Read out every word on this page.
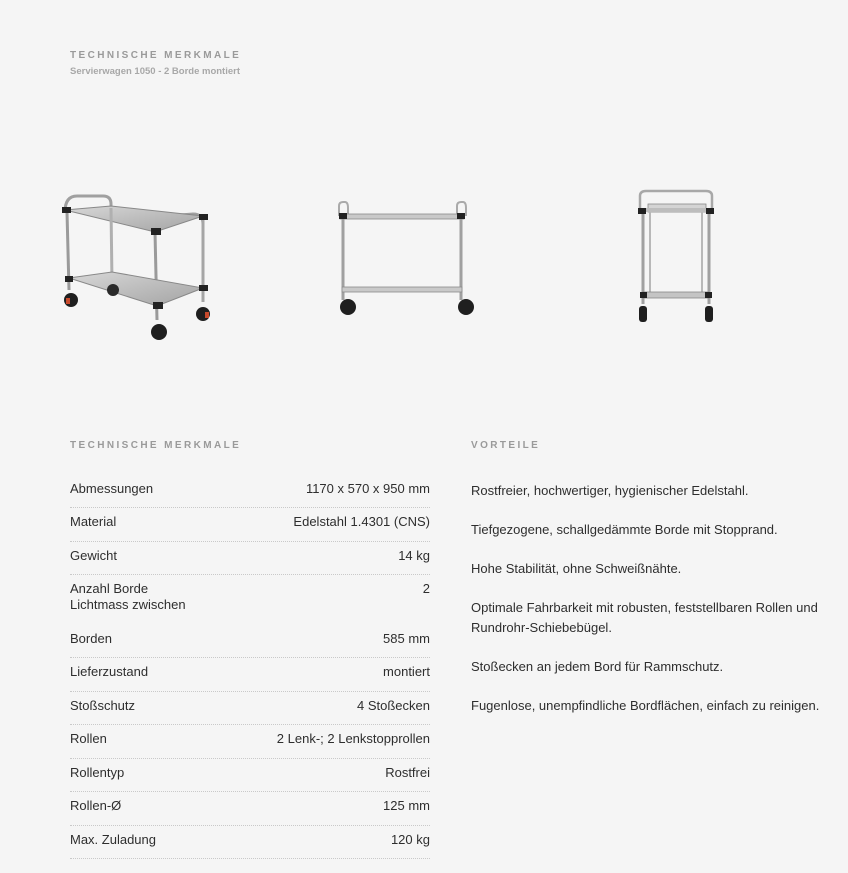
TECHNISCHE MERKMALE

Servierwagen 1050 - 2 Borde montiert

TECHNISCHE MERKMALE

Abmessungen	1170 x 570 x 950 mm
Material	Edelstahl 1.4301 (CNS)
Gewicht	14 kg
Anzahl Borde	2
Lichtmass zwischen
Borden	585 mm
Lieferzustand	montiert
Stoßschutz	4 Stoßecken
Rollen	2 Lenk-; 2 Lenkstopprollen
Rollentyp	Rostfrei
Rollen-Ø	125 mm
Max. Zuladung	120 kg

VORTEILE

Rostfreier, hochwertiger, hygienischer Edelstahl.

Tiefgezogene, schallgedämmte Borde mit Stopprand.

Hohe Stabilität, ohne Schweißnähte.

Optimale Fahrbarkeit mit robusten, feststellbaren Rollen und Rundrohr-Schiebebügel.

Stoßecken an jedem Bord für Rammschutz.

Fugenlose, unempfindliche Bordflächen, einfach zu reinigen.
